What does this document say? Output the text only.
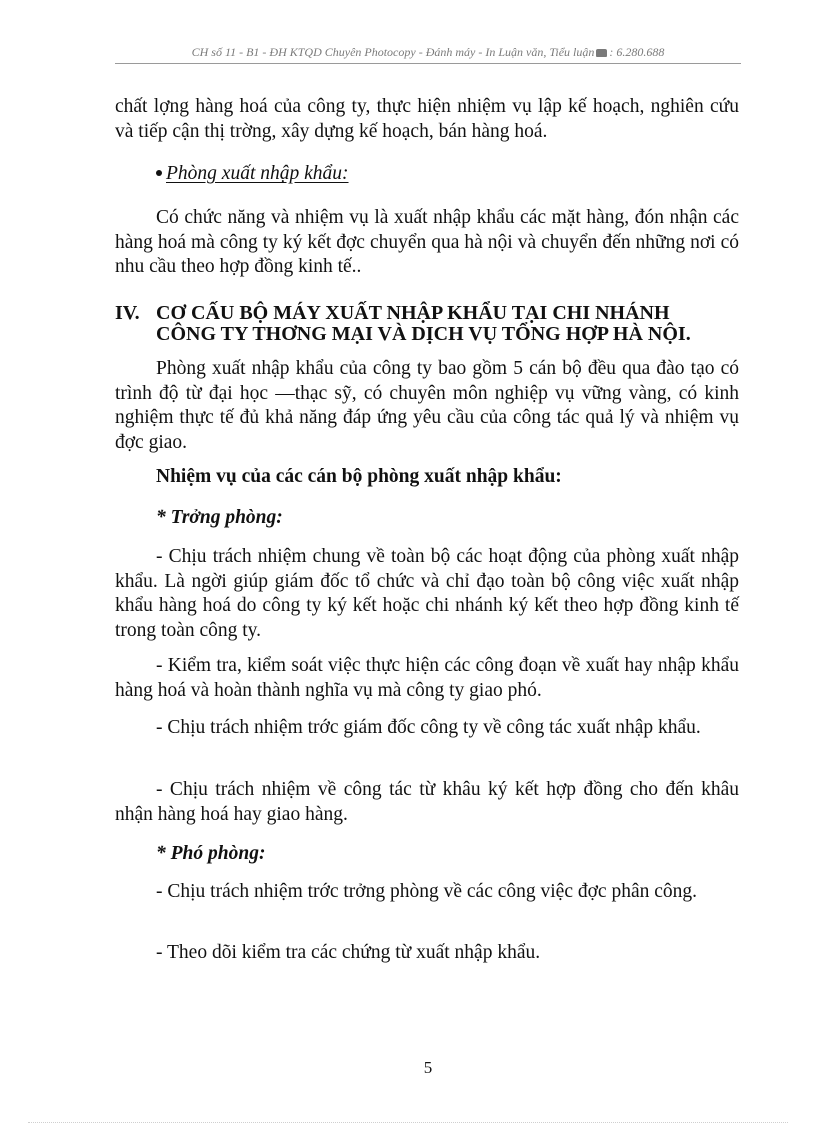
CH số 11 - B1 - ĐH KTQD Chuyên Photocopy - Đánh máy - In Luận văn, Tiểu luận : 6.280.688
chất lợng hàng hoá của công ty, thực hiện nhiệm vụ lập kế hoạch, nghiên cứu và tiếp cận thị trờng, xây dựng kế hoạch, bán hàng hoá.
Phòng xuất nhập khẩu:
Có chức năng và nhiệm vụ là xuất nhập khẩu các mặt hàng, đón nhận các hàng hoá mà công ty ký kết đợc chuyển qua hà nội và chuyển đến những nơi có nhu cầu theo hợp đồng kinh tế..
IV. CƠ CẤU BỘ MÁY XUẤT NHẬP KHẨU TẠI CHI NHÁNH
CÔNG TY THƠNG MẠI VÀ DỊCH VỤ TỔNG HỢP HÀ NỘI.
Phòng xuất nhập khẩu của công ty bao gồm 5 cán bộ đều qua đào tạo có trình độ từ đại học —thạc sỹ, có chuyên môn nghiệp vụ vững vàng, có kinh nghiệm thực tế đủ khả năng đáp ứng yêu cầu của công tác quả lý và nhiệm vụ đợc giao.
Nhiệm vụ của các cán bộ phòng xuất nhập khẩu:
* Trởng phòng:
- Chịu trách nhiệm chung về toàn bộ các hoạt động của phòng xuất nhập khẩu. Là ngời giúp giám đốc tổ chức và chỉ đạo toàn bộ công việc xuất nhập khẩu hàng hoá do công ty ký kết hoặc chi nhánh ký kết theo hợp đồng kinh tế trong toàn công ty.
- Kiểm tra, kiểm soát việc thực hiện các công đoạn về xuất hay nhập khẩu hàng hoá và hoàn thành nghĩa vụ mà công ty giao phó.
- Chịu trách nhiệm trớc giám đốc công ty về công tác xuất nhập khẩu.
- Chịu trách nhiệm về công tác từ khâu ký kết hợp đồng cho đến khâu nhận hàng hoá hay giao hàng.
* Phó phòng:
- Chịu trách nhiệm trớc trởng phòng về các công việc đợc phân công.
- Theo dõi kiểm tra các chứng từ xuất nhập khẩu.
5
